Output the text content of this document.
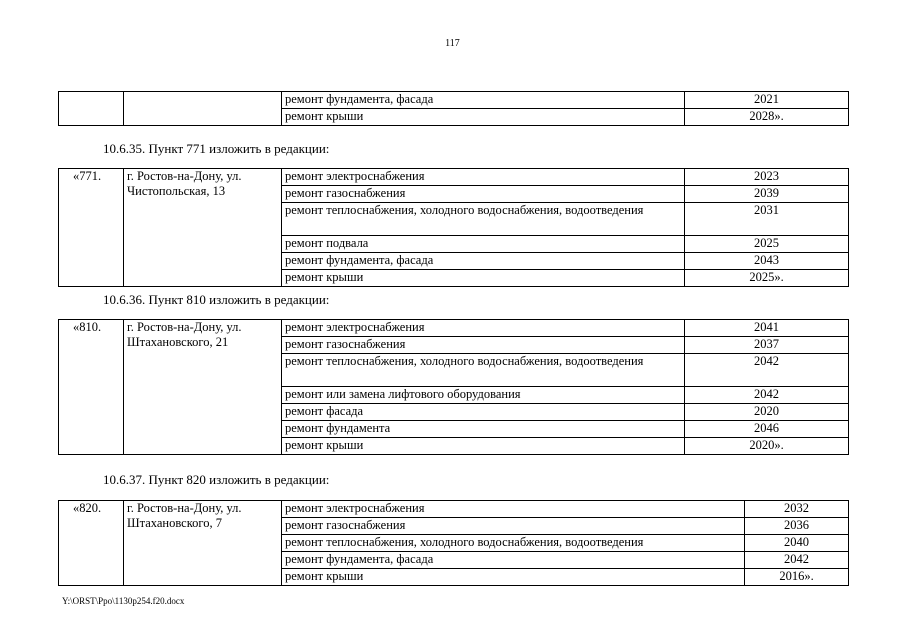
117
		ремонт фундамента, фасада	2021
		ремонт крыши	2028».
10.6.35. Пункт 771 изложить в редакции:
«771.	г. Ростов-на-Дону, ул. Чистопольская, 13	ремонт электроснабжения	2023
		ремонт газоснабжения	2039
		ремонт теплоснабжения, холодного водоснабжения, водоотведения	2031
		ремонт подвала	2025
		ремонт фундамента, фасада	2043
		ремонт крыши	2025».
10.6.36. Пункт 810 изложить в редакции:
«810.	г. Ростов-на-Дону, ул. Штахановского, 21	ремонт электроснабжения	2041
		ремонт газоснабжения	2037
		ремонт теплоснабжения, холодного водоснабжения, водоотведения	2042
		ремонт или замена лифтового оборудования	2042
		ремонт фасада	2020
		ремонт фундамента	2046
		ремонт крыши	2020».
10.6.37. Пункт 820 изложить в редакции:
«820.	г. Ростов-на-Дону, ул. Штахановского, 7	ремонт электроснабжения	2032
		ремонт газоснабжения	2036
		ремонт теплоснабжения, холодного водоснабжения, водоотведения	2040
		ремонт фундамента, фасада	2042
		ремонт крыши	2016».
Y:\ORST\Ppo\1130p254.f20.docx
